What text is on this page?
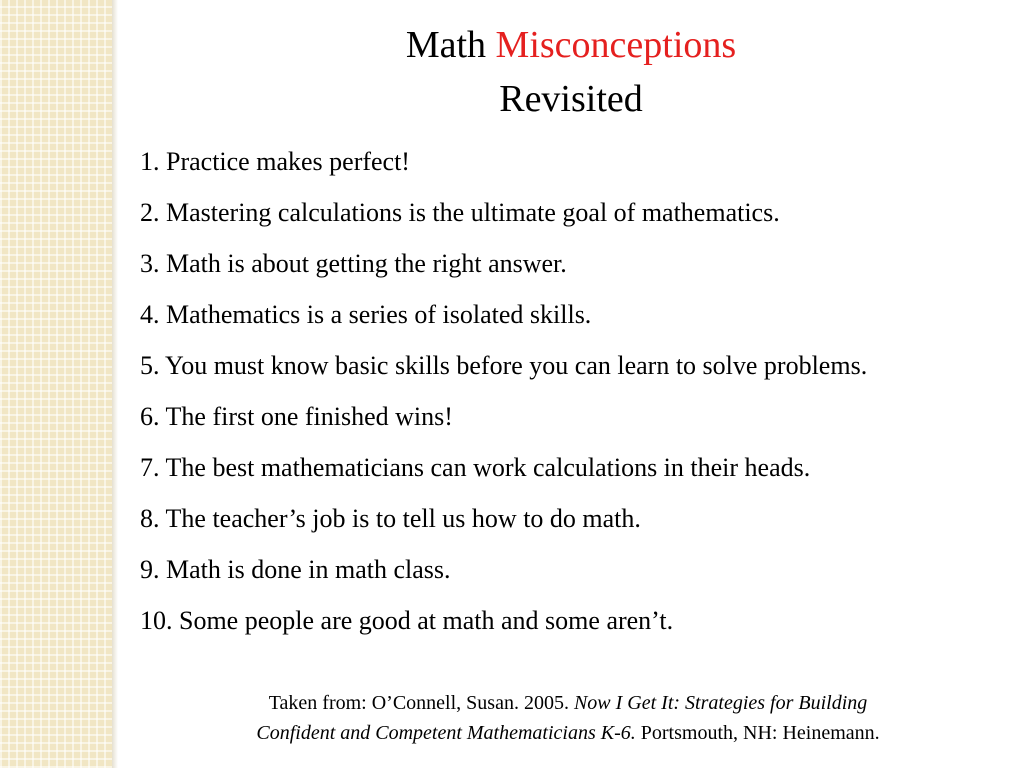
Math Misconceptions
Revisited
1. Practice makes perfect!
2. Mastering calculations is the ultimate goal of mathematics.
3. Math is about getting the right answer.
4. Mathematics is a series of isolated skills.
5. You must know basic skills before you can learn to solve problems.
6. The first one finished wins!
7. The best mathematicians can work calculations in their heads.
8. The teacher’s job is to tell us how to do math.
9. Math is done in math class.
10. Some people are good at math and some aren’t.
Taken from: O’Connell, Susan. 2005. Now I Get It: Strategies for Building
Confident and Competent Mathematicians K-6. Portsmouth, NH: Heinemann.
